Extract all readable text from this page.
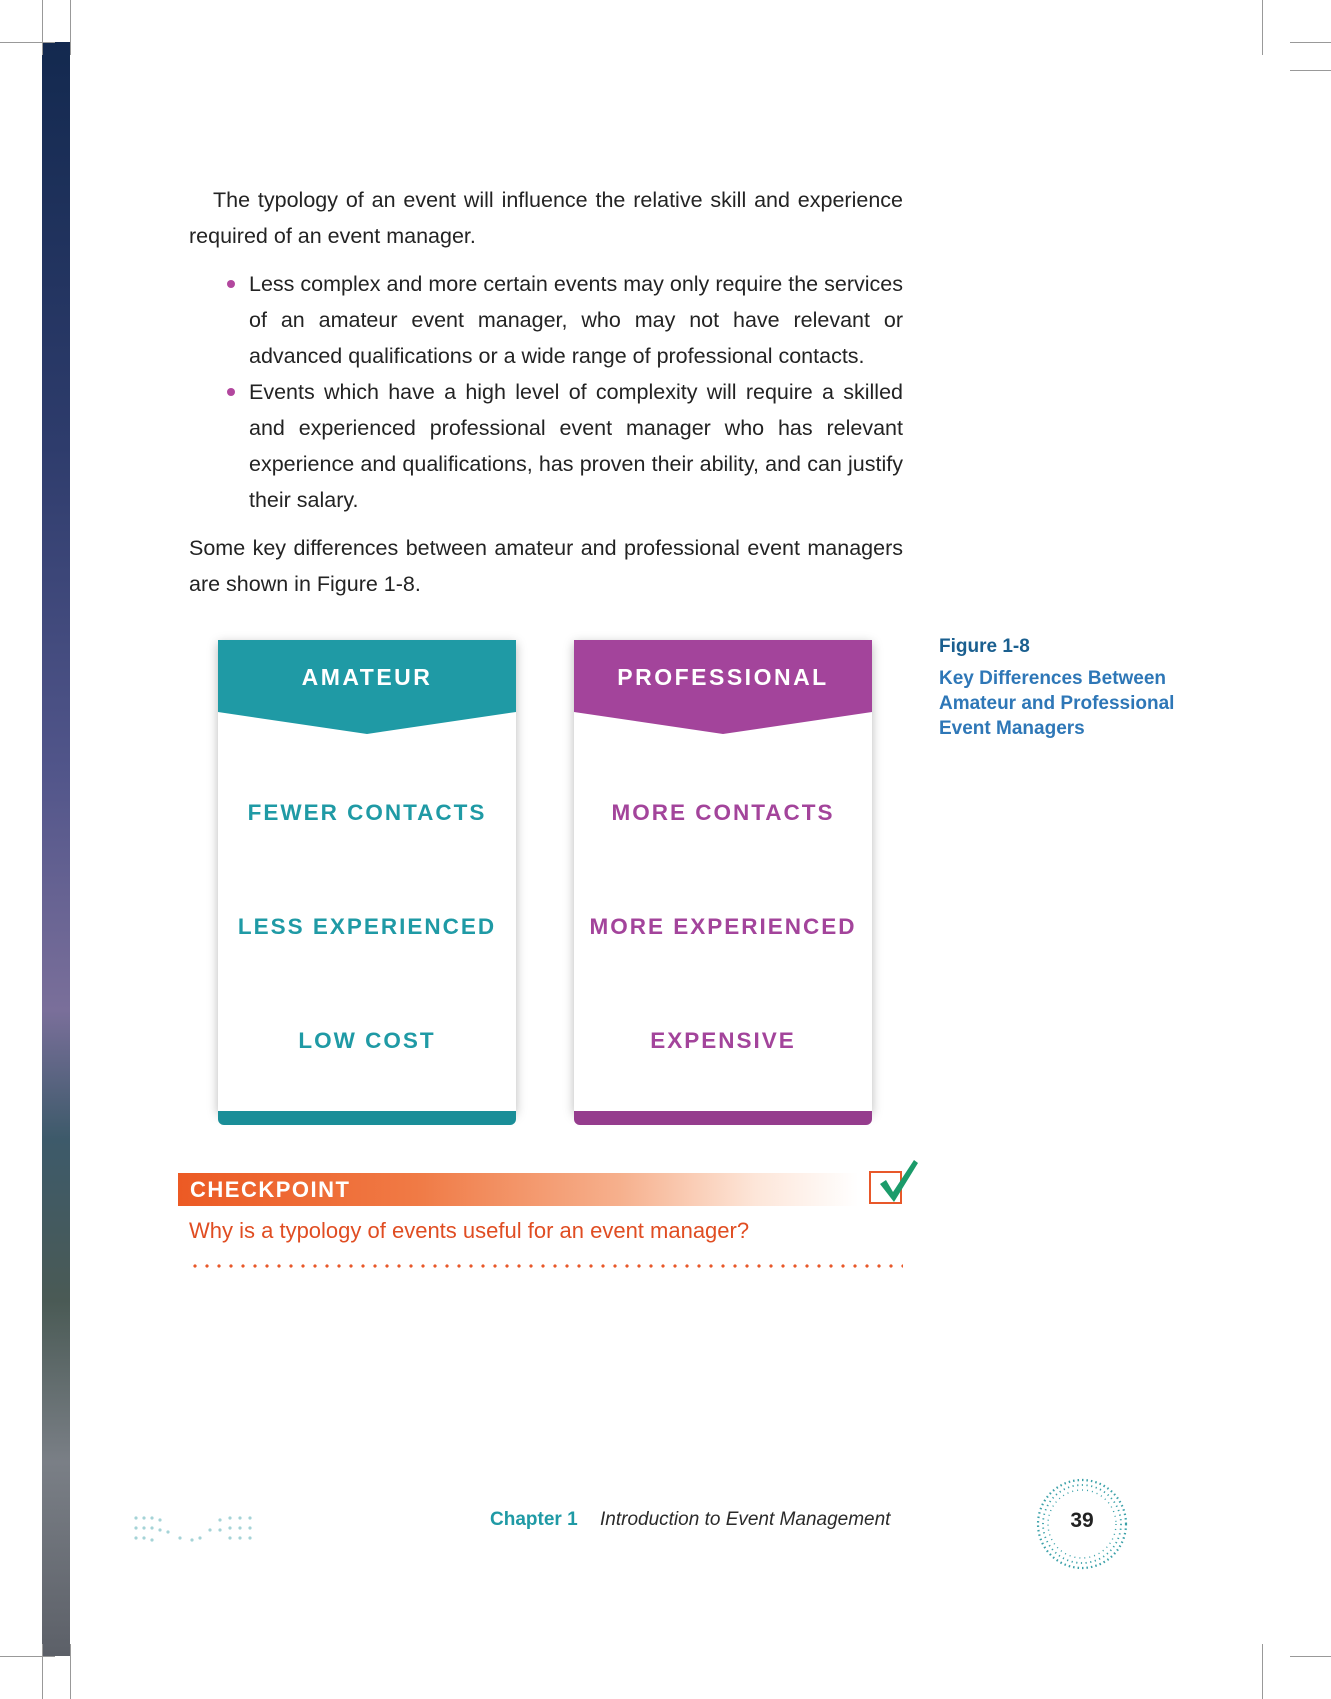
The typology of an event will influence the relative skill and experience required of an event manager.
Less complex and more certain events may only require the services of an amateur event manager, who may not have relevant or advanced qualifications or a wide range of professional contacts.
Events which have a high level of complexity will require a skilled and experienced professional event manager who has relevant experience and qualifications, has proven their ability, and can justify their salary.
Some key differences between amateur and professional event managers are shown in Figure 1-8.
AMATEUR
FEWER CONTACTS
LESS EXPERIENCED
LOW COST
PROFESSIONAL
MORE CONTACTS
MORE EXPERIENCED
EXPENSIVE
Figure 1-8
Key Differences Between Amateur and Professional Event Managers
CHECKPOINT
Why is a typology of events useful for an event manager?
Chapter 1 Introduction to Event Management	39
